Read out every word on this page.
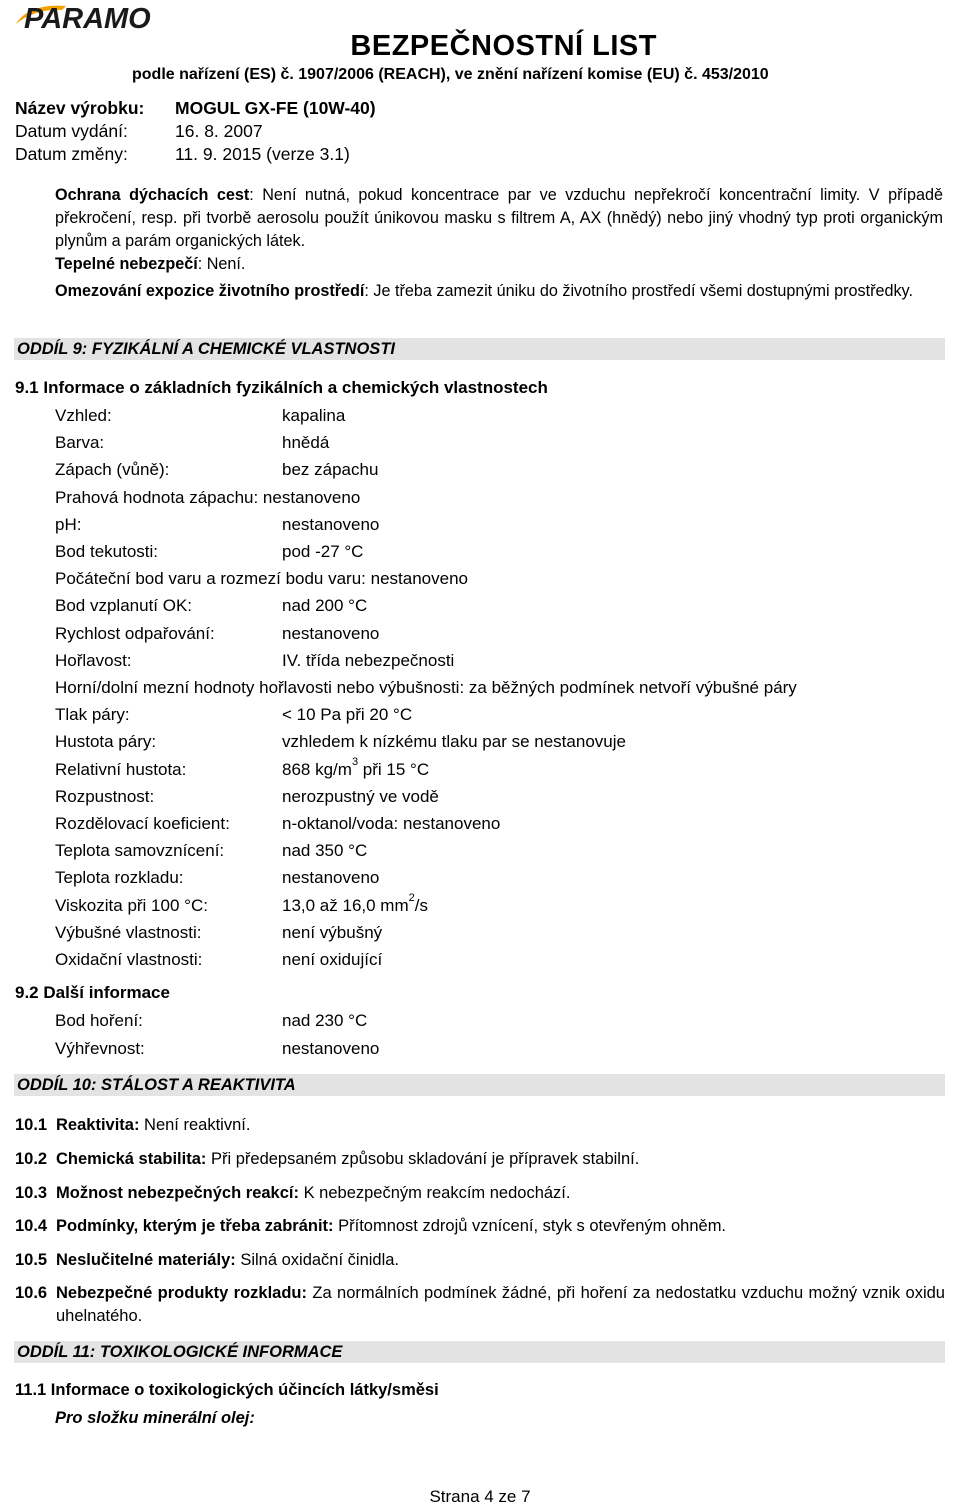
PARAMO
BEZPEČNOSTNÍ LIST
podle nařízení (ES) č. 1907/2006 (REACH), ve znění nařízení komise (EU) č. 453/2010
Název výrobku: MOGUL GX-FE (10W-40)
Datum vydání:	16. 8. 2007
Datum změny:	11. 9. 2015 (verze 3.1)
Ochrana dýchacích cest: Není nutná, pokud koncentrace par ve vzduchu nepřekročí koncentrační limity. V případě překročení, resp. při tvorbě aerosolu použít únikovou masku s filtrem A, AX (hnědý) nebo jiný vhodný typ proti organickým plynům a parám organických látek.
Tepelné nebezpečí: Není.
Omezování expozice životního prostředí: Je třeba zamezit úniku do životního prostředí všemi dostupnými prostředky.
ODDÍL 9: FYZIKÁLNÍ A CHEMICKÉ VLASTNOSTI
9.1 Informace o základních fyzikálních a chemických vlastnostech
Vzhled:	kapalina
Barva:	hnědá
Zápach (vůně):	bez zápachu
Prahová hodnota zápachu: nestanoveno
pH:	nestanoveno
Bod tekutosti:	pod -27 °C
Počáteční bod varu a rozmezí bodu varu: nestanoveno
Bod vzplanutí OK:	nad 200 °C
Rychlost odpařování:	nestanoveno
Hořlavost:	IV. třída nebezpečnosti
Horní/dolní mezní hodnoty hořlavosti nebo výbušnosti: za běžných podmínek netvoří výbušné páry
Tlak páry:	< 10 Pa při 20 °C
Hustota páry:	vzhledem k nízkému tlaku par se nestanovuje
Relativní hustota:	868 $kg/m^3$ při 15 °C
Rozpustnost:	nerozpustný ve vodě
Rozdělovací koeficient:	n-oktanol/voda: nestanoveno
Teplota samovznícení:	nad 350 °C
Teplota rozkladu:	nestanoveno
Viskozita při 100 °C:	13,0 až 16,0 $mm^2/s$
Výbušné vlastnosti:	není výbušný
Oxidační vlastnosti:	není oxidující
9.2 Další informace
Bod hoření:	nad 230 °C
Výhřevnost:	nestanoveno
ODDÍL 10: STÁLOST A REAKTIVITA
10.1 Reaktivita: Není reaktivní.
10.2 Chemická stabilita: Při předepsaném způsobu skladování je přípravek stabilní.
10.3 Možnost nebezpečných reakcí: K nebezpečným reakcím nedochází.
10.4 Podmínky, kterým je třeba zabránit: Přítomnost zdrojů vznícení, styk s otevřeným ohněm.
10.5 Neslučitelné materiály: Silná oxidační činidla.
10.6 Nebezpečné produkty rozkladu: Za normálních podmínek žádné, při hoření za nedostatku vzduchu možný vznik oxidu uhelnatého.
ODDÍL 11: TOXIKOLOGICKÉ INFORMACE
11.1 Informace o toxikologických účincích látky/směsi
Pro složku minerální olej:
Strana 4 ze 7
